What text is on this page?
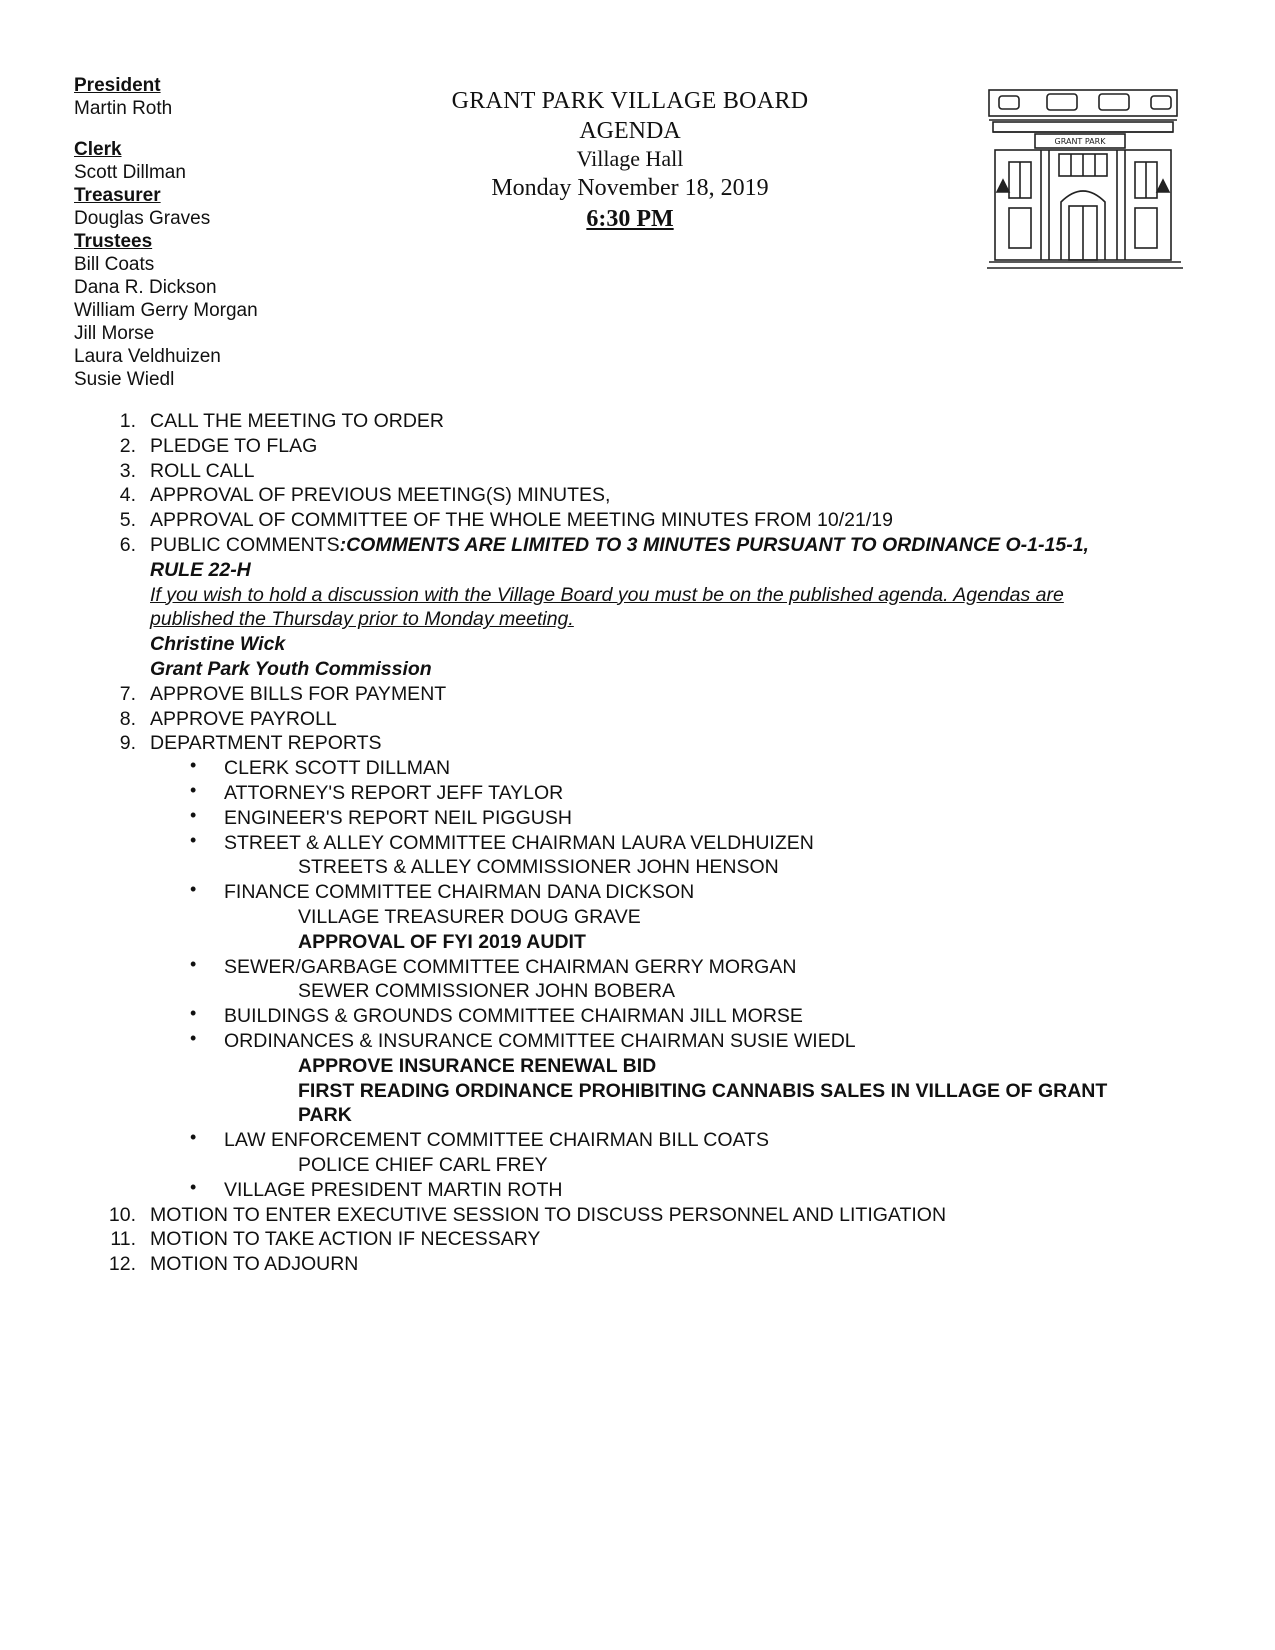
President
Martin Roth
Clerk
Scott Dillman
Treasurer
Douglas Graves
Trustees
Bill Coats
Dana R. Dickson
William Gerry Morgan
Jill Morse
Laura Veldhuizen
Susie Wiedl
GRANT PARK VILLAGE BOARD
AGENDA
Village Hall
Monday November 18, 2019
6:30 PM
GRANT PARK
1. CALL THE MEETING TO ORDER
2. PLEDGE TO FLAG
3. ROLL CALL
4. APPROVAL OF PREVIOUS MEETING(S) MINUTES,
5. APPROVAL OF COMMITTEE OF THE WHOLE MEETING MINUTES FROM 10/21/19
6. PUBLIC COMMENTS:COMMENTS ARE LIMITED TO 3 MINUTES PURSUANT TO ORDINANCE O-1-15-1,
RULE 22-H
If you wish to hold a discussion with the Village Board you must be on the published agenda. Agendas are
published the Thursday prior to Monday meeting.
Christine Wick
Grant Park Youth Commission
7. APPROVE BILLS FOR PAYMENT
8. APPROVE PAYROLL
9. DEPARTMENT REPORTS
• CLERK SCOTT DILLMAN
• ATTORNEY'S REPORT JEFF TAYLOR
• ENGINEER'S REPORT NEIL PIGGUSH
• STREET & ALLEY COMMITTEE CHAIRMAN LAURA VELDHUIZEN
STREETS & ALLEY COMMISSIONER JOHN HENSON
• FINANCE COMMITTEE CHAIRMAN DANA DICKSON
VILLAGE TREASURER DOUG GRAVE
APPROVAL OF FYI 2019 AUDIT
• SEWER/GARBAGE COMMITTEE CHAIRMAN GERRY MORGAN
SEWER COMMISSIONER JOHN BOBERA
• BUILDINGS & GROUNDS COMMITTEE CHAIRMAN JILL MORSE
• ORDINANCES & INSURANCE COMMITTEE CHAIRMAN SUSIE WIEDL
APPROVE INSURANCE RENEWAL BID
FIRST READING ORDINANCE PROHIBITING CANNABIS SALES IN VILLAGE OF GRANT
PARK
• LAW ENFORCEMENT COMMITTEE CHAIRMAN BILL COATS
POLICE CHIEF CARL FREY
• VILLAGE PRESIDENT MARTIN ROTH
10. MOTION TO ENTER EXECUTIVE SESSION TO DISCUSS PERSONNEL AND LITIGATION
11. MOTION TO TAKE ACTION IF NECESSARY
12. MOTION TO ADJOURN
